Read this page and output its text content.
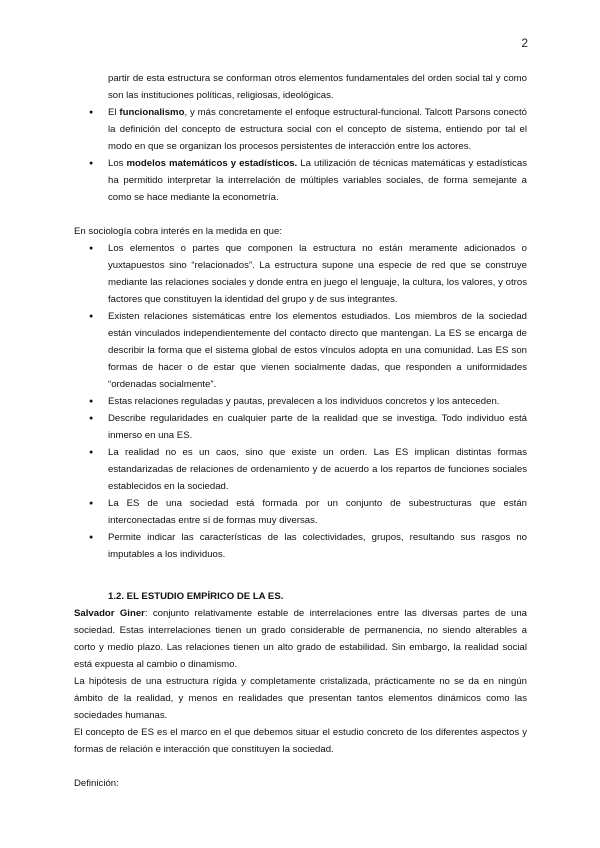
2

partir de esta estructura se conforman otros elementos fundamentales del orden social tal y como son las instituciones políticas, religiosas, ideológicas.

● El funcionalismo, y más concretamente el enfoque estructural-funcional. Talcott Parsons conectó la definición del concepto de estructura social con el concepto de sistema, entiendo por tal el modo en que se organizan los procesos persistentes de interacción entre los actores.
● Los modelos matemáticos y estadísticos. La utilización de técnicas matemáticas y estadísticas ha permitido interpretar la interrelación de múltiples variables sociales, de forma semejante a como se hace mediante la econometría.

En sociología cobra interés en la medida en que:

● Los elementos o partes que componen la estructura no están meramente adicionados o yuxtapuestos sino “relacionados”. La estructura supone una especie de red que se construye mediante las relaciones sociales y donde entra en juego el lenguaje, la cultura, los valores, y otros factores que constituyen la identidad del grupo y de sus integrantes.
● Existen relaciones sistemáticas entre los elementos estudiados. Los miembros de la sociedad están vinculados independientemente del contacto directo que mantengan. La ES se encarga de describir la forma que el sistema global de estos vínculos adopta en una comunidad. Las ES son formas de hacer o de estar que vienen socialmente dadas, que responden a uniformidades “ordenadas socialmente”.
● Estas relaciones reguladas y pautas, prevalecen a los individuos concretos y los anteceden.
● Describe regularidades en cualquier parte de la realidad que se investiga. Todo individuo está inmerso en una ES.
● La realidad no es un caos, sino que existe un orden. Las ES implican distintas formas estandarizadas de relaciones de ordenamiento y de acuerdo a los repartos de funciones sociales establecidos en la sociedad.
● La ES de una sociedad está formada por un conjunto de subestructuras que están interconectadas entre sí de formas muy diversas.
● Permite indicar las características de las colectividades, grupos, resultando sus rasgos no imputables a los individuos.

1.2. EL ESTUDIO EMPÍRICO DE LA ES.

Salvador Giner: conjunto relativamente estable de interrelaciones entre las diversas partes de una sociedad. Estas interrelaciones tienen un grado considerable de permanencia, no siendo alterables a corto y medio plazo. Las relaciones tienen un alto grado de estabilidad. Sin embargo, la realidad social está expuesta al cambio o dinamismo.

La hipótesis de una estructura rígida y completamente cristalizada, prácticamente no se da en ningún ámbito de la realidad, y menos en realidades que presentan tantos elementos dinámicos como las sociedades humanas.

El concepto de ES es el marco en el que debemos situar el estudio concreto de los diferentes aspectos y formas de relación e interacción que constituyen la sociedad.

Definición:
